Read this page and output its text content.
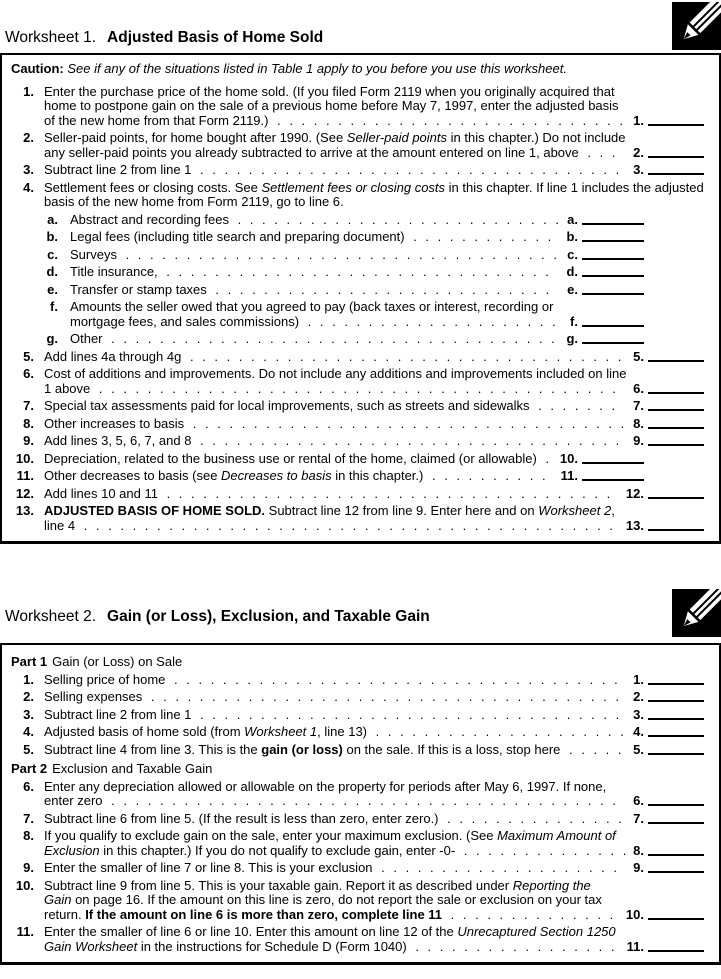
Worksheet 1. Adjusted Basis of Home Sold
Caution: See if any of the situations listed in Table 1 apply to you before you use this worksheet.
1. Enter the purchase price of the home sold. (If you filed Form 2119 when you originally acquired that home to postpone gain on the sale of a previous home before May 7, 1997, enter the adjusted basis of the new home from that Form 2119.) . . . . . . . . . . . . . . . . . . . . . . . . . . . . . 1.
2. Seller-paid points, for home bought after 1990. (See Seller-paid points in this chapter.) Do not include any seller-paid points you already subtracted to arrive at the amount entered on line 1, above . . .	2.
3. Subtract line 2 from line 1 . . . . . . . . . . . . . . . . . . . . . . . . . . . . . . . . . . .	3.
4. Settlement fees or closing costs. See Settlement fees or closing costs in this chapter. If line 1 includes the adjusted basis of the new home from Form 2119, go to line 6.
a. Abstract and recording fees . . . . . . . . . . . . . . . . . . . . . . . . . . . a.
b. Legal fees (including title search and preparing document) . . . . . . . . . . . .	b.
c. Surveys . . . . . . . . . . . . . . . . . . . . . . . . . . . . . . . . . . . . c.
d. Title insurance, . . . . . . . . . . . . . . . . . . . . . . . . . . . . . . . .	d.
e. Transfer or stamp taxes . . . . . . . . . . . . . . . . . . . . . . . . . . . .	e.
f. Amounts the seller owed that you agreed to pay (back taxes or interest, recording or mortgage fees, and sales commissions) . . . . . . . . . . . . . . . . . . . . .	f.
g. Other . . . . . . . . . . . . . . . . . . . . . . . . . . . . . . . . . . . . . g.
5. Add lines 4a through 4g . . . . . . . . . . . . . . . . . . . . . . . . . . . . . . . . . . . . 5.
6. Cost of additions and improvements. Do not include any additions and improvements included on line 1 above . . . . . . . . . . . . . . . . . . . . . . . . . . . . . . . . . . . . . . . . . . .	6.
7. Special tax assessments paid for local improvements, such as streets and sidewalks . . . . . . .	7.
8. Other increases to basis . . . . . . . . . . . . . . . . . . . . . . . . . . . . . . . . . . . . 8.
9. Add lines 3, 5, 6, 7, and 8 . . . . . . . . . . . . . . . . . . . . . . . . . . . . . . . . . . .	9.
10. Depreciation, related to the business use or rental of the home, claimed (or allowable) . 10.
11. Other decreases to basis (see Decreases to basis in this chapter.) . . . . . . . . . .	11.
12. Add lines 10 and 11 . . . . . . . . . . . . . . . . . . . . . . . . . . . . . . . . . . . . .	12.
13. ADJUSTED BASIS OF HOME SOLD. Subtract line 12 from line 9. Enter here and on Worksheet 2, line 4 . . . . . . . . . . . . . . . . . . . . . . . . . . . . . . . . . . . . . . . . . . . .	13.
Worksheet 2. Gain (or Loss), Exclusion, and Taxable Gain
Part 1 Gain (or Loss) on Sale
1. Selling price of home . . . . . . . . . . . . . . . . . . . . . . . . . . . . . . . . . . . . .	1.
2. Selling expenses . . . . . . . . . . . . . . . . . . . . . . . . . . . . . . . . . . . . . . .	2.
3. Subtract line 2 from line 1 . . . . . . . . . . . . . . . . . . . . . . . . . . . . . . . . . . .	3.
4. Adjusted basis of home sold (from Worksheet 1, line 13) . . . . . . . . . . . . . . . . . . . . . 4.
5. Subtract line 4 from line 3. This is the gain (or loss) on the sale. If this is a loss, stop here . . . . . 5.
Part 2 Exclusion and Taxable Gain
6. Enter any depreciation allowed or allowable on the property for periods after May 6, 1997. If none, enter zero . . . . . . . . . . . . . . . . . . . . . . . . . . . . . . . . . . . . . . . . . .	6.
7. Subtract line 6 from line 5. (If the result is less than zero, enter zero.) . . . . . . . . . . . . . . . 7.
8. If you qualify to exclude gain on the sale, enter your maximum exclusion. (See Maximum Amount of Exclusion in this chapter.) If you do not qualify to exclude gain, enter -0- . . . . . . . . . . . . . . 8.
9. Enter the smaller of line 7 or line 8. This is your exclusion . . . . . . . . . . . . . . . . . . . .	9.
10. Subtract line 9 from line 5. This is your taxable gain. Report it as described under Reporting the Gain on page 16. If the amount on this line is zero, do not report the sale or exclusion on your tax return. If the amount on line 6 is more than zero, complete line 11 . . . . . . . . . . . . . . 10.
11. Enter the smaller of line 6 or line 10. Enter this amount on line 12 of the Unrecaptured Section 1250 Gain Worksheet in the instructions for Schedule D (Form 1040) . . . . . . . . . . . . . . . . . 11.
